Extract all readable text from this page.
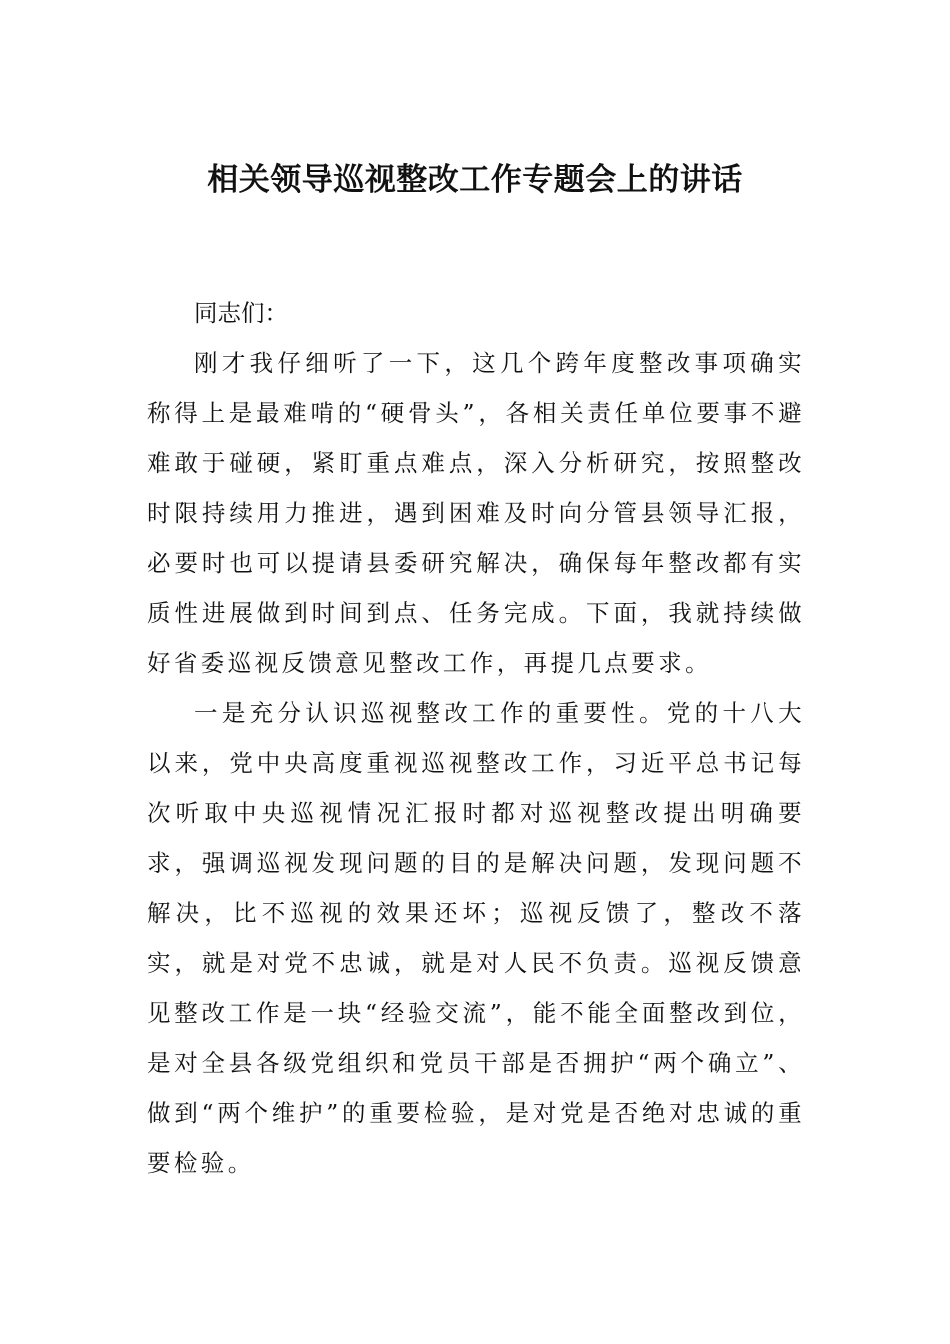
相关领导巡视整改工作专题会上的讲话

同志们：

刚才我仔细听了一下，这几个跨年度整改事项确实称得上是最难啃的“硬骨头”，各相关责任单位要事不避难敢于碰硬，紧盯重点难点，深入分析研究，按照整改时限持续用力推进，遇到困难及时向分管县领导汇报，必要时也可以提请县委研究解决，确保每年整改都有实质性进展做到时间到点、任务完成。下面，我就持续做好省委巡视反馈意见整改工作，再提几点要求。

一是充分认识巡视整改工作的重要性。党的十八大以来，党中央高度重视巡视整改工作，习近平总书记每次听取中央巡视情况汇报时都对巡视整改提出明确要求，强调巡视发现问题的目的是解决问题，发现问题不解决，比不巡视的效果还坏；巡视反馈了，整改不落实，就是对党不忠诚，就是对人民不负责。巡视反馈意见整改工作是一块“经验交流”，能不能全面整改到位，是对全县各级党组织和党员干部是否拥护“两个确立”、做到“两个维护”的重要检验，是对党是否绝对忠诚的重要检验。
